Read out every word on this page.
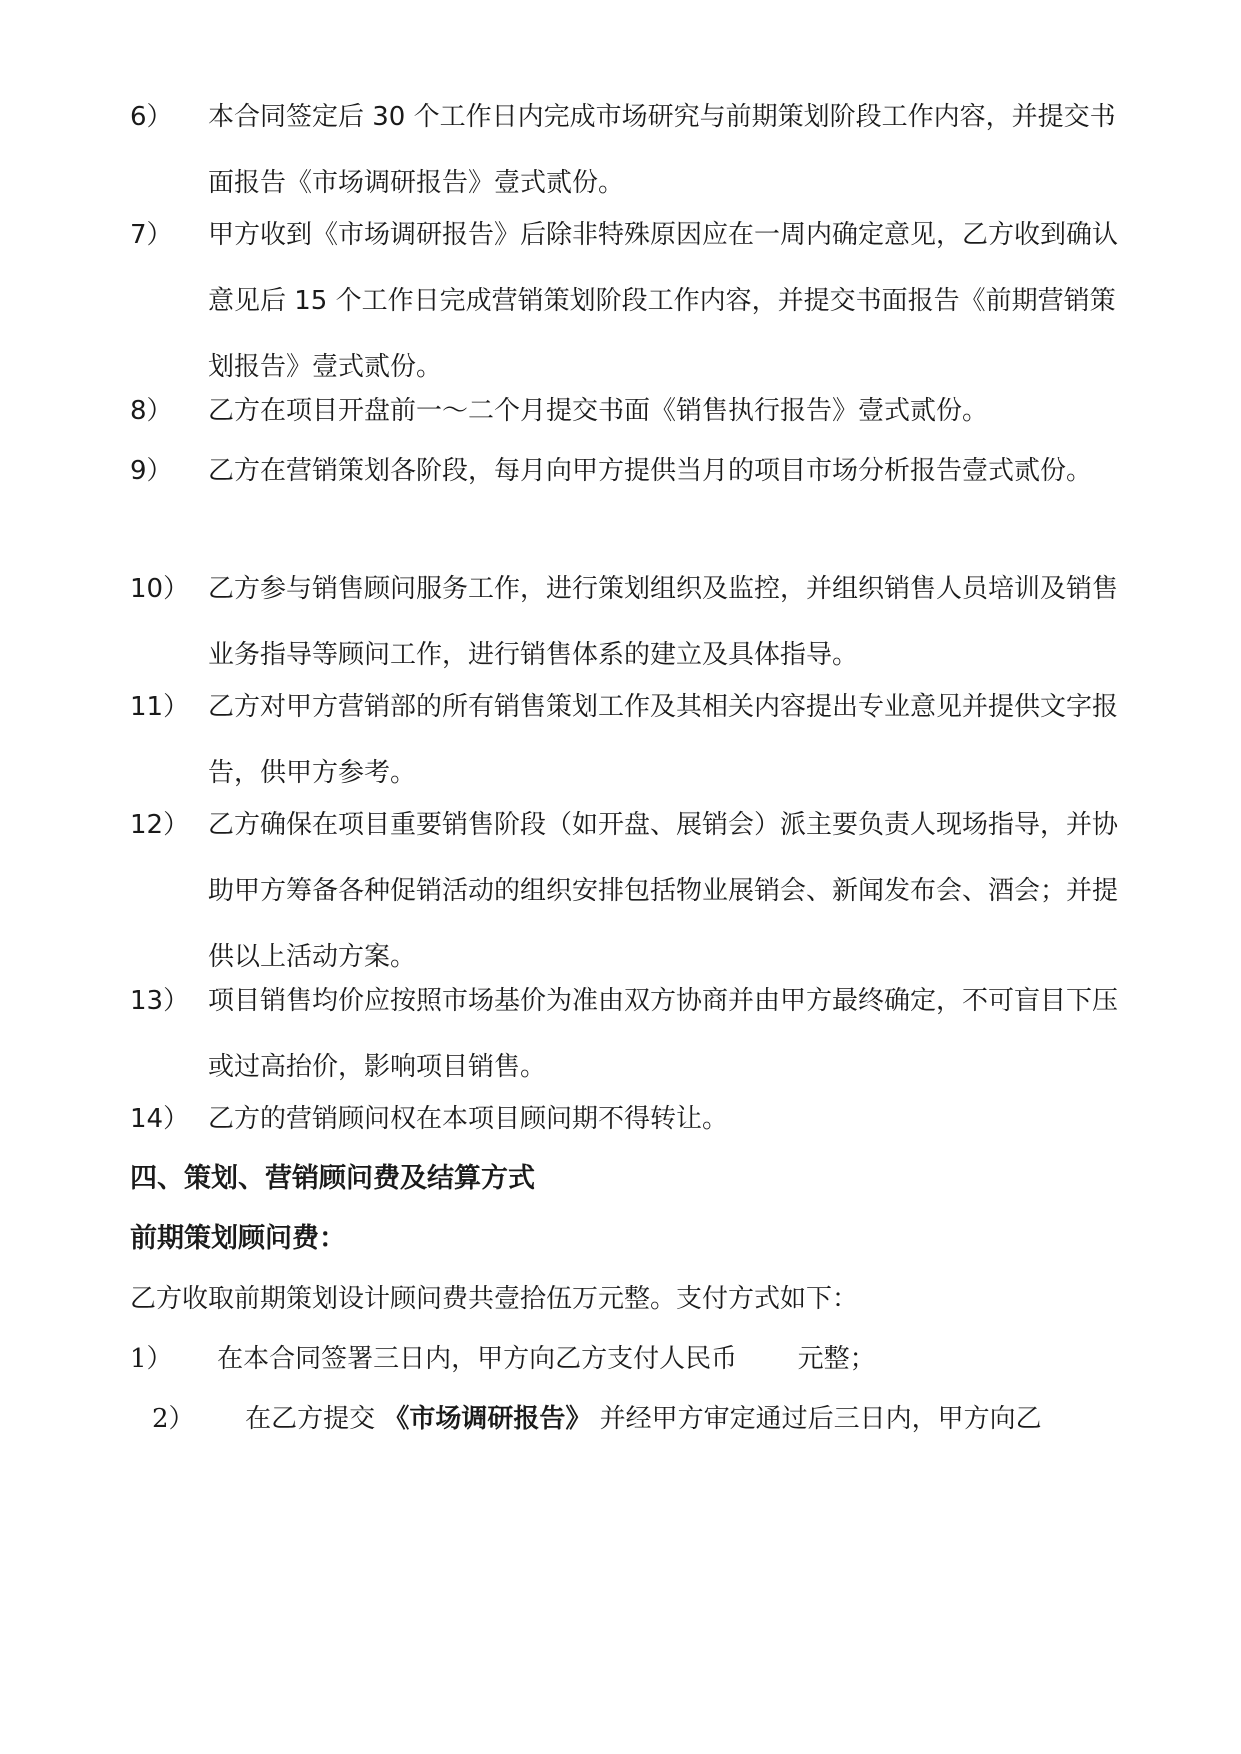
6）	本合同签定后 30 个工作日内完成市场研究与前期策划阶段工作内容，并提交书面报告《市场调研报告》壹式贰份。
7）	甲方收到《市场调研报告》后除非特殊原因应在一周内确定意见，乙方收到确认意见后 15 个工作日完成营销策划阶段工作内容，并提交书面报告《前期营销策划报告》壹式贰份。
8）	乙方在项目开盘前一～二个月提交书面《销售执行报告》壹式贰份。
9）	乙方在营销策划各阶段，每月向甲方提供当月的项目市场分析报告壹式贰份。
10） 乙方参与销售顾问服务工作，进行策划组织及监控，并组织销售人员培训及销售业务指导等顾问工作，进行销售体系的建立及具体指导。
11） 乙方对甲方营销部的所有销售策划工作及其相关内容提出专业意见并提供文字报告，供甲方参考。
12） 乙方确保在项目重要销售阶段（如开盘、展销会）派主要负责人现场指导，并协助甲方筹备各种促销活动的组织安排包括物业展销会、新闻发布会、酒会；并提供以上活动方案。
13） 项目销售均价应按照市场基价为准由双方协商并由甲方最终确定，不可盲目下压或过高抬价，影响项目销售。
14） 乙方的营销顾问权在本项目顾问期不得转让。
四、策划、营销顾问费及结算方式
前期策划顾问费：
乙方收取前期策划设计顾问费共壹拾伍万元整。支付方式如下：
1） 在本合同签署三日内，甲方向乙方支付人民币 元整；
2） 在乙方提交 《市场调研报告》 并经甲方审定通过后三日内，甲方向乙
